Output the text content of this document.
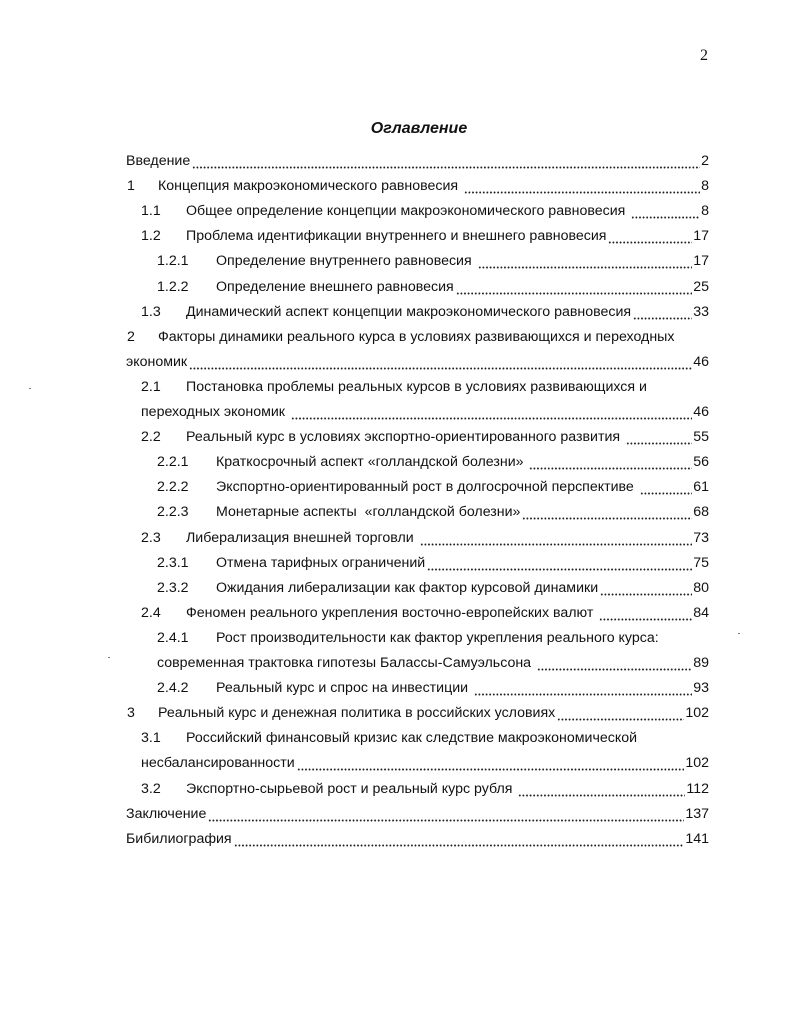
2
Оглавление
Введение	2
1	Концепция макроэкономического равновесия	8
1.1	Общее определение концепции макроэкономического равновесия	8
1.2	Проблема идентификации внутреннего и внешнего равновесия	17
1.2.1	Определение внутреннего равновесия	17
1.2.2	Определение внешнего равновесия	25
1.3	Динамический аспект концепции макроэкономического равновесия	33
2	Факторы динамики реального курса в условиях развивающихся и переходных
экономик	46
2.1	Постановка проблемы реальных курсов в условиях развивающихся и
переходных экономик	46
2.2	Реальный курс в условиях экспортно-ориентированного развития	55
2.2.1	Краткосрочный аспект «голландской болезни»	56
2.2.2	Экспортно-ориентированный рост в долгосрочной перспективе	61
2.2.3	Монетарные аспекты  «голландской болезни»	68
2.3	Либерализация внешней торговли	73
2.3.1	Отмена тарифных ограничений	75
2.3.2	Ожидания либерализации как фактор курсовой динамики	80
2.4	Феномен реального укрепления восточно-европейских валют	84
2.4.1	Рост производительности как фактор укрепления реального курса:
современная трактовка гипотезы Балассы-Самуэльсона	89
2.4.2	Реальный курс и спрос на инвестиции	93
3	Реальный курс и денежная политика в российских условиях	102
3.1	Российский финансовый кризис как следствие макроэкономической
несбалансированности	102
3.2	Экспортно-сырьевой рост и реальный курс рубля	112
Заключение	137
Бибилиография	141
